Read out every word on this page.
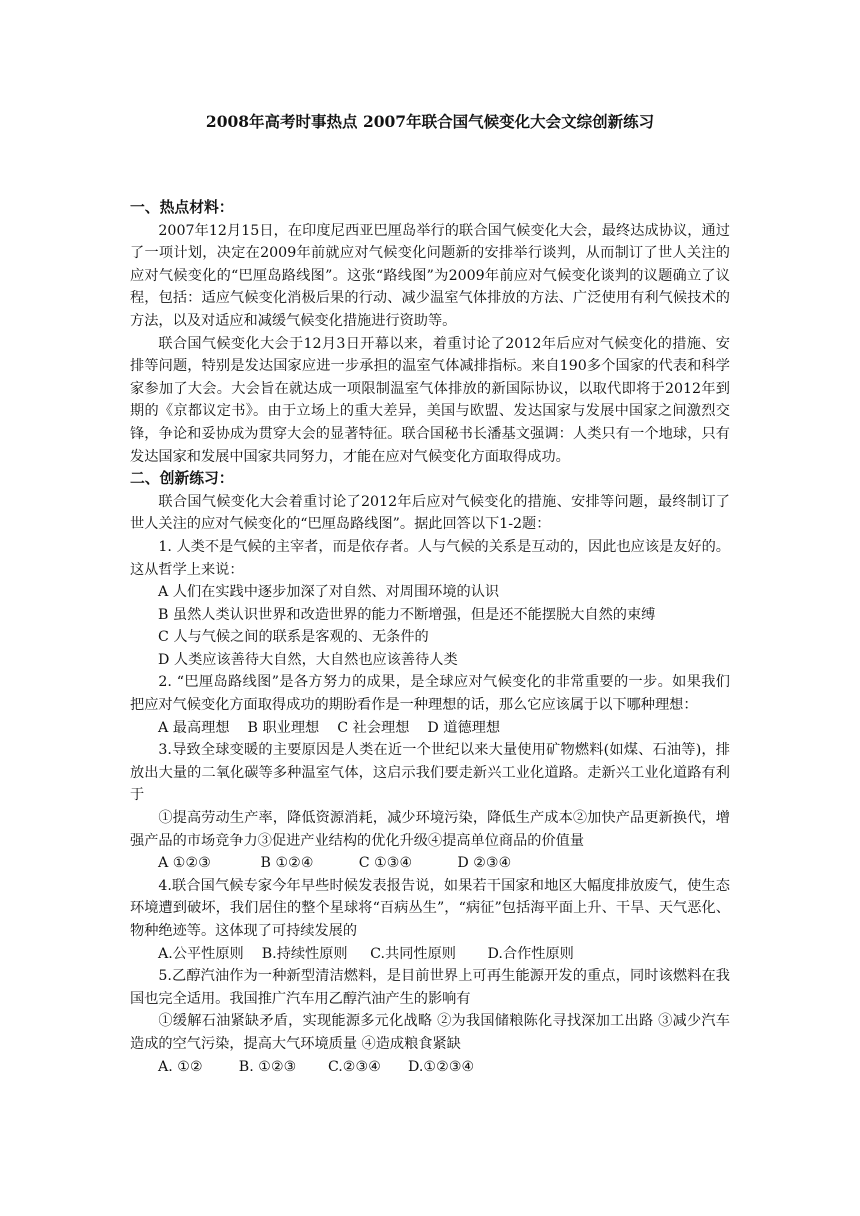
2008年高考时事热点 2007年联合国气候变化大会文综创新练习

一、热点材料：

2007年12月15日，在印度尼西亚巴厘岛举行的联合国气候变化大会，最终达成协议，通过了一项计划，决定在2009年前就应对气候变化问题新的安排举行谈判，从而制订了世人关注的应对气候变化的“巴厘岛路线图”。这张“路线图”为2009年前应对气候变化谈判的议题确立了议程，包括：适应气候变化消极后果的行动、减少温室气体排放的方法、广泛使用有利气候技术的方法，以及对适应和减缓气候变化措施进行资助等。

联合国气候变化大会于12月3日开幕以来，着重讨论了2012年后应对气候变化的措施、安排等问题，特别是发达国家应进一步承担的温室气体减排指标。来自190多个国家的代表和科学家参加了大会。大会旨在就达成一项限制温室气体排放的新国际协议，以取代即将于2012年到期的《京都议定书》。由于立场上的重大差异，美国与欧盟、发达国家与发展中国家之间激烈交锋，争论和妥协成为贯穿大会的显著特征。联合国秘书长潘基文强调：人类只有一个地球，只有发达国家和发展中国家共同努力，才能在应对气候变化方面取得成功。

二、创新练习：

联合国气候变化大会着重讨论了2012年后应对气候变化的措施、安排等问题，最终制订了世人关注的应对气候变化的“巴厘岛路线图”。据此回答以下1-2题：

1. 人类不是气候的主宰者，而是依存者。人与气候的关系是互动的，因此也应该是友好的。这从哲学上来说：

A 人们在实践中逐步加深了对自然、对周围环境的认识

B 虽然人类认识世界和改造世界的能力不断增强，但是还不能摆脱大自然的束缚

C 人与气候之间的联系是客观的、无条件的

D 人类应该善待大自然，大自然也应该善待人类

2. “巴厘岛路线图”是各方努力的成果，是全球应对气候变化的非常重要的一步。如果我们把应对气候变化方面取得成功的期盼看作是一种理想的话，那么它应该属于以下哪种理想：

A 最高理想    B 职业理想    C 社会理想    D 道德理想

3.导致全球变暖的主要原因是人类在近一个世纪以来大量使用矿物燃料(如煤、石油等)，排放出大量的二氧化碳等多种温室气体，这启示我们要走新兴工业化道路。走新兴工业化道路有利于

①提高劳动生产率，降低资源消耗，减少环境污染，降低生产成本②加快产品更新换代，增强产品的市场竞争力③促进产业结构的优化升级④提高单位商品的价值量

A ①②③           B ①②④          C ①③④          D ②③④

4.联合国气候专家今年早些时候发表报告说，如果若干国家和地区大幅度排放废气，使生态环境遭到破坏，我们居住的整个星球将“百病丛生”，“病征”包括海平面上升、干旱、天气恶化、物种绝迹等。这体现了可持续发展的

A.公平性原则    B.持续性原则     C.共同性原则       D.合作性原则

5.乙醇汽油作为一种新型清洁燃料，是目前世界上可再生能源开发的重点，同时该燃料在我国也完全适用。我国推广汽车用乙醇汽油产生的影响有

①缓解石油紧缺矛盾，实现能源多元化战略 ②为我国储粮陈化寻找深加工出路 ③减少汽车造成的空气污染，提高大气环境质量 ④造成粮食紧缺

A. ①②        B. ①②③       C.②③④      D.①②③④
